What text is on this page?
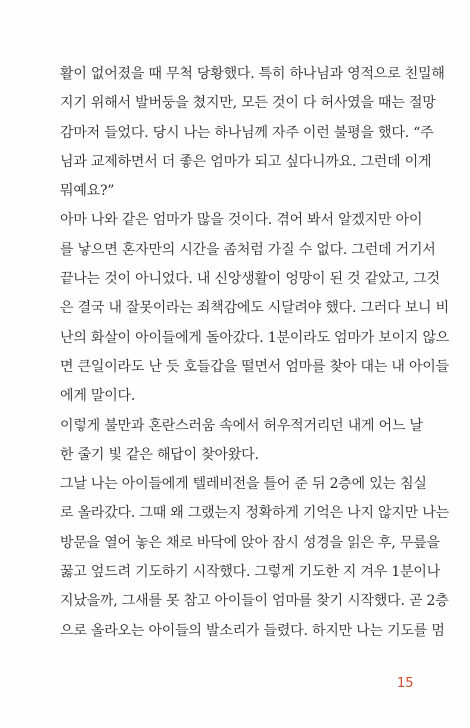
활이 없어졌을 때 무척 당황했다. 특히 하나님과 영적으로 친밀해
지기 위해서 발버둥을 쳤지만, 모든 것이 다 허사였을 때는 절망
감마저 들었다. 당시 나는 하나님께 자주 이런 불평을 했다. “주
님과 교제하면서 더 좋은 엄마가 되고 싶다니까요. 그런데 이게
뭐예요?”
아마 나와 같은 엄마가 많을 것이다. 겪어 봐서 알겠지만 아이
를 낳으면 혼자만의 시간을 좀처럼 가질 수 없다. 그런데 거기서
끝나는 것이 아니었다. 내 신앙생활이 엉망이 된 것 같았고, 그것
은 결국 내 잘못이라는 죄책감에도 시달려야 했다. 그러다 보니 비
난의 화살이 아이들에게 돌아갔다. 1분이라도 엄마가 보이지 않으
면 큰일이라도 난 듯 호들갑을 떨면서 엄마를 찾아 대는 내 아이들
에게 말이다.
이렇게 불만과 혼란스러움 속에서 허우적거리던 내게 어느 날
한 줄기 빛 같은 해답이 찾아왔다.
그날 나는 아이들에게 텔레비전을 틀어 준 뒤 2층에 있는 침실
로 올라갔다. 그때 왜 그랬는지 정확하게 기억은 나지 않지만 나는
방문을 열어 놓은 채로 바닥에 앉아 잠시 성경을 읽은 후, 무릎을
꿇고 엎드려 기도하기 시작했다. 그렇게 기도한 지 겨우 1분이나
지났을까, 그새를 못 참고 아이들이 엄마를 찾기 시작했다. 곧 2층
으로 올라오는 아이들의 발소리가 들렸다. 하지만 나는 기도를 멈
15
